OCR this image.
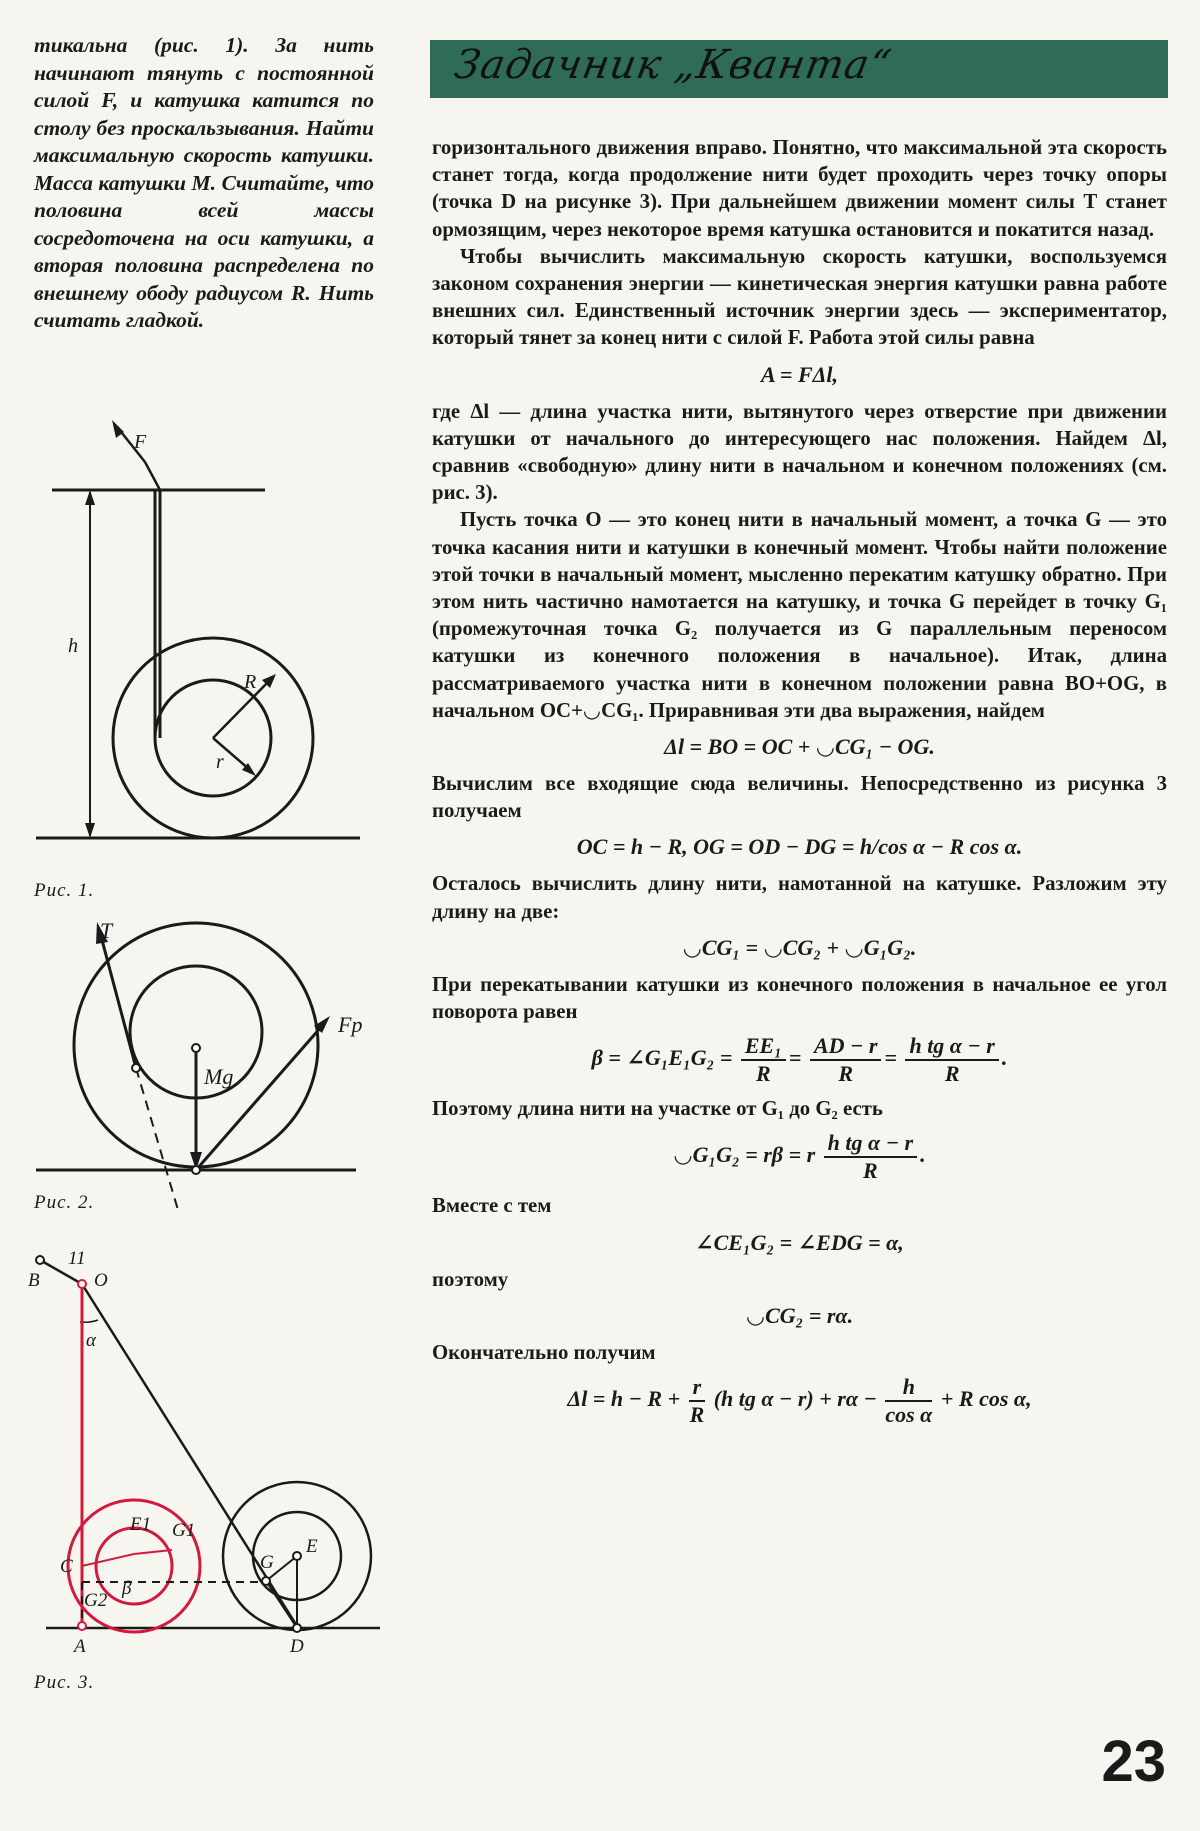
тикальна (рис. 1). За нить начинают тянуть с постоянной силой F, и катушка катится по столу без проскальзывания. Найти максимальную скорость катушки. Масса катушки M. Считайте, что половина всей массы сосредоточена на оси катушки, а вторая половина распределена по внешнему ободу радиусом R. Нить считать гладкой.

F
h
R
r
Рис. 1.
T
Mg
Fp
Рис. 2.
B
11
O
α
C
E1 G1
G2
β
A
G
E
D
Рис. 3.
Задачник „Кванта“

горизонтального движения вправо. Понятно, что максимальной эта скорость станет тогда, когда продолжение нити будет проходить через точку опоры (точка D на рисунке 3). При дальнейшем движении момент силы T станет ормозящим, через некоторое время катушка остановится и покатится назад.

Чтобы вычислить максимальную скорость катушки, воспользуемся законом сохранения энергии — кинетическая энергия катушки равна работе внешних сил. Единственный источник энергии здесь — экспериментатор, который тянет за конец нити с силой F. Работа этой силы равна

A = FΔl,

где Δl — длина участка нити, вытянутого через отверстие при движении катушки от начального до интересующего нас положения. Найдем Δl, сравнив «свободную» длину нити в начальном и конечном положениях (см. рис. 3).

Пусть точка O — это конец нити в начальный момент, а точка G — это точка касания нити и катушки в конечный момент. Чтобы найти положение этой точки в начальный момент, мысленно перекатим катушку обратно. При этом нить частично намотается на катушку, и точка G перейдет в точку G₁ (промежуточная точка G₂ получается из G параллельным переносом катушки из конечного положения в начальное). Итак, длина рассматриваемого участка нити в конечном положении равна BO+OG, в начальном OC+◡CG₁. Приравнивая эти два выражения, найдем

Δl = BO = OC + ◡CG₁ − OG.

Вычислим все входящие сюда величины. Непосредственно из рисунка 3 получаем

OC = h − R, OG = OD − DG = h/cos α − R cos α.

Осталось вычислить длину нити, намотанной на катушке. Разложим эту длину на две:

◡CG₁ = ◡CG₂ + ◡G₁G₂.

При перекатывании катушки из конечного положения в начальное ее угол поворота равен

β = ∠G₁E₁G₂ = $\frac{\text{EE₁}}{R} = \frac{AD - r}{R} = \frac{\text{h tg α − r}}{R}$ .

Поэтому длина нити на участке от G₁ до G₂ есть

◡G₁G₂ = rβ = r $\frac{\text{h tg α − r}}{R}$ .

Вместе с тем

∠CE₁G₂ = ∠EDG = α,

поэтому

◡CG₂ = rα.

Окончательно получим

$\Delta l = h - R + \frac{r}{R} (h$ tg $\alpha - r) + r\alpha - \frac{h}{\text{cos α}} + R$ cos α,
23
